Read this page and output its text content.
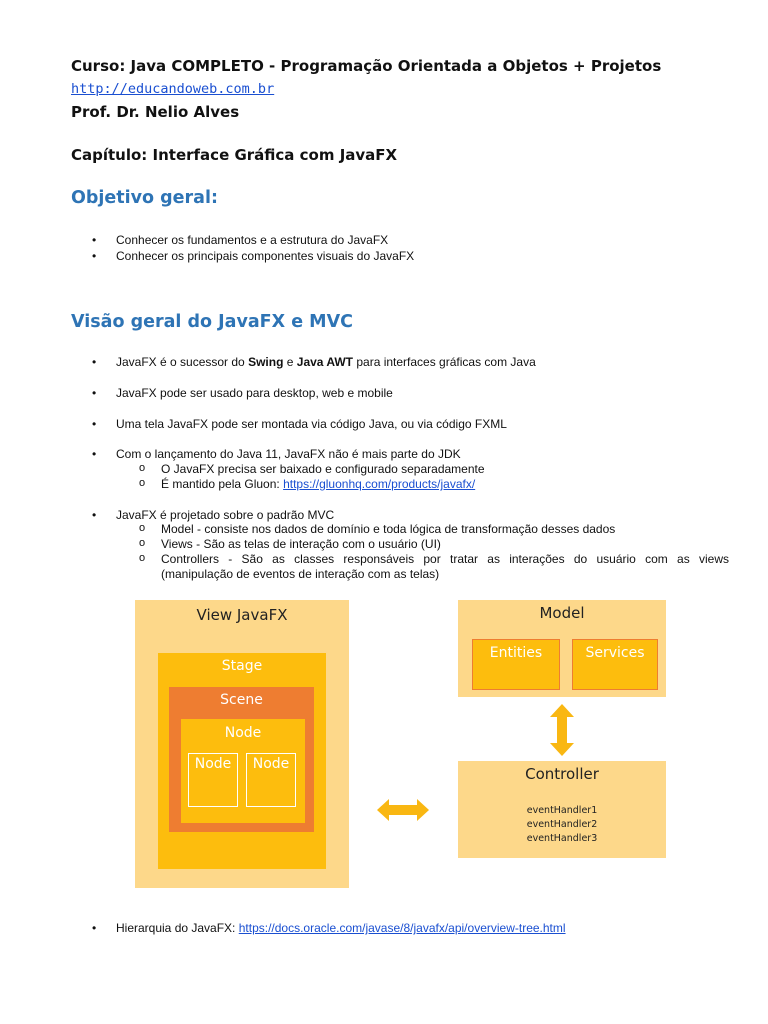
Curso: Java COMPLETO - Programação Orientada a Objetos + Projetos
http://educandoweb.com.br
Prof. Dr. Nelio Alves
Capítulo: Interface Gráfica com JavaFX
Objetivo geral:
• Conhecer os fundamentos e a estrutura do JavaFX
• Conhecer os principais componentes visuais do JavaFX
Visão geral do JavaFX e MVC
• JavaFX é o sucessor do Swing e Java AWT para interfaces gráficas com Java
• JavaFX pode ser usado para desktop, web e mobile
• Uma tela JavaFX pode ser montada via código Java, ou via código FXML
• Com o lançamento do Java 11, JavaFX não é mais parte do JDK
o O JavaFX precisa ser baixado e configurado separadamente
o É mantido pela Gluon: https://gluonhq.com/products/javafx/
• JavaFX é projetado sobre o padrão MVC
o Model - consiste nos dados de domínio e toda lógica de transformação desses dados
o Views - São as telas de interação com o usuário (UI)
o Controllers - São as classes responsáveis por tratar as interações do usuário com as views
(manipulação de eventos de interação com as telas)
View JavaFX
Stage
Scene
Node
Node	Node
Model
Entities	Services
Controller
eventHandler1
eventHandler2
eventHandler3
• Hierarquia do JavaFX: https://docs.oracle.com/javase/8/javafx/api/overview-tree.html
